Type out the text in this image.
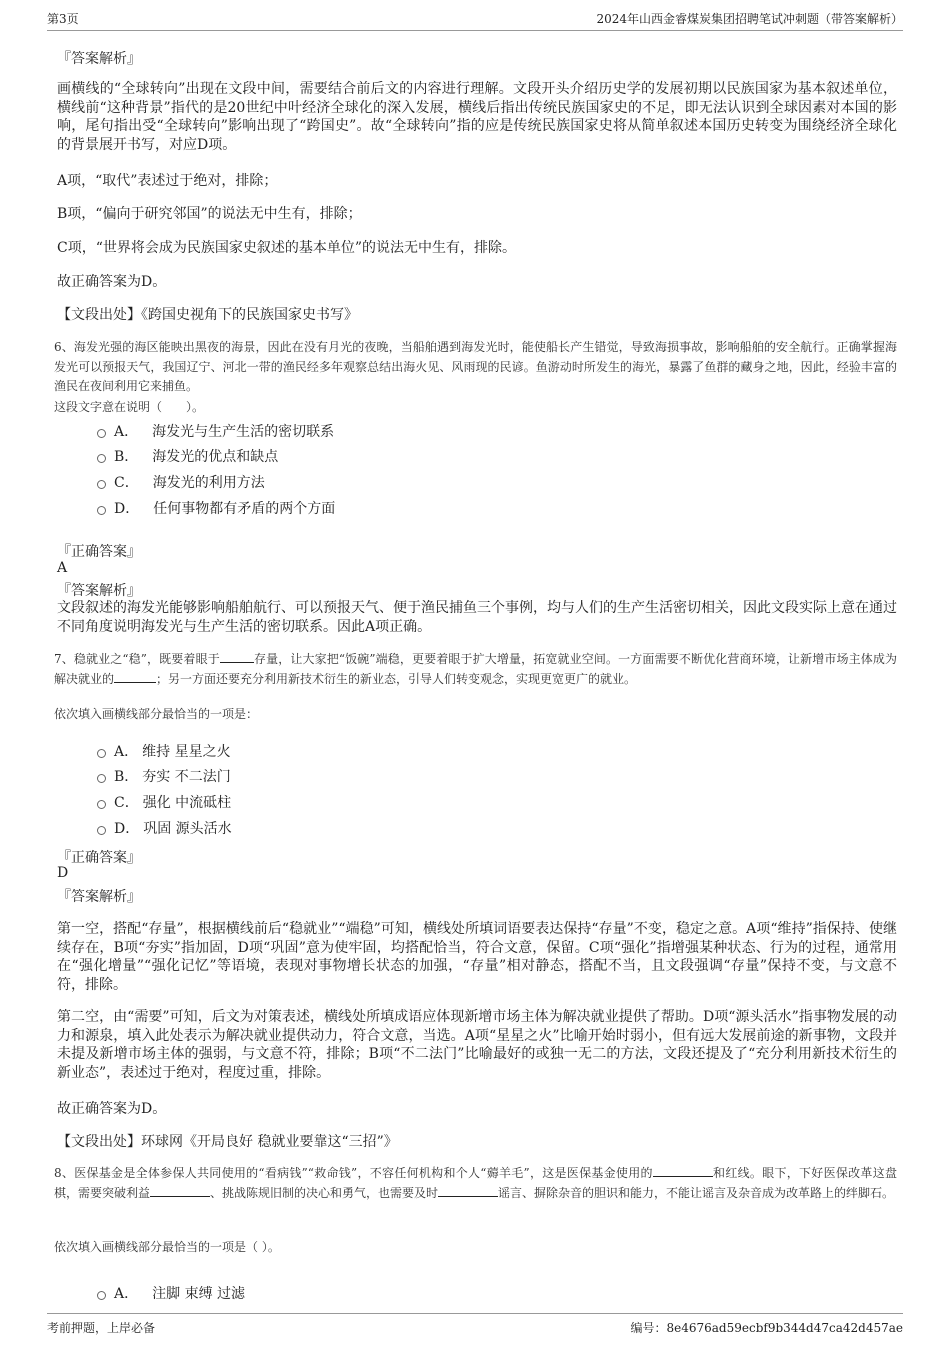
第3页	2024年山西金睿煤炭集团招聘笔试冲刺题（带答案解析）
『答案解析』
画横线的“全球转向”出现在文段中间，需要结合前后文的内容进行理解。文段开头介绍历史学的发展初期以民族国家为基本叙述单位，横线前“这种背景”指代的是20世纪中叶经济全球化的深入发展，横线后指出传统民族国家史的不足，即无法认识到全球因素对本国的影响，尾句指出受“全球转向”影响出现了“跨国史”。故“全球转向”指的应是传统民族国家史将从简单叙述本国历史转变为围绕经济全球化的背景展开书写，对应D项。
A项，“取代”表述过于绝对，排除；
B项，“偏向于研究邻国”的说法无中生有，排除；
C项，“世界将会成为民族国家史叙述的基本单位”的说法无中生有，排除。
故正确答案为D。
【文段出处】《跨国史视角下的民族国家史书写》
6、海发光强的海区能映出黑夜的海景，因此在没有月光的夜晚，当船舶遇到海发光时，能使船长产生错觉，导致海损事故，影响船舶的安全航行。正确掌握海发光可以预报天气，我国辽宁、河北一带的渔民经多年观察总结出海火见、风雨现的民谚。鱼游动时所发生的海光，暴露了鱼群的藏身之地，因此，经验丰富的渔民在夜间利用它来捕鱼。
这段文字意在说明（　　）。
A． 海发光与生产生活的密切联系
B． 海发光的优点和缺点
C． 海发光的利用方法
D． 任何事物都有矛盾的两个方面
『正确答案』
A
『答案解析』
文段叙述的海发光能够影响船舶航行、可以预报天气、便于渔民捕鱼三个事例，均与人们的生产生活密切相关，因此文段实际上意在通过不同角度说明海发光与生产生活的密切联系。因此A项正确。
7、稳就业之“稳”，既要着眼于	存量，让大家把“饭碗”端稳，更要着眼于扩大增量，拓宽就业空间。一方面需要不断优化营商环境，让新增市场主体成为解决就业的	；另一方面还要充分利用新技术衍生的新业态，引导人们转变观念，实现更宽更广的就业。
依次填入画横线部分最恰当的一项是：
A． 维持 星星之火
B． 夯实 不二法门
C． 强化 中流砥柱
D． 巩固 源头活水
『正确答案』
D
『答案解析』
第一空，搭配“存量”，根据横线前后“稳就业”“端稳”可知，横线处所填词语要表达保持“存量”不变，稳定之意。A项“维持”指保持、使继续存在，B项“夯实”指加固，D项“巩固”意为使牢固，均搭配恰当，符合文意，保留。C项“强化”指增强某种状态、行为的过程，通常用在“强化增量”“强化记忆”等语境，表现对事物增长状态的加强，“存量”相对静态，搭配不当，且文段强调“存量”保持不变，与文意不符，排除。
第二空，由“需要”可知，后文为对策表述，横线处所填成语应体现新增市场主体为解决就业提供了帮助。D项“源头活水”指事物发展的动力和源泉，填入此处表示为解决就业提供动力，符合文意，当选。A项“星星之火”比喻开始时弱小，但有远大发展前途的新事物，文段并未提及新增市场主体的强弱，与文意不符，排除；B项“不二法门”比喻最好的或独一无二的方法，文段还提及了“充分利用新技术衍生的新业态”，表述过于绝对，程度过重，排除。
故正确答案为D。
【文段出处】环球网《开局良好 稳就业要靠这“三招”》
8、医保基金是全体参保人共同使用的“看病钱”“救命钱”，不容任何机构和个人“薅羊毛”，这是医保基金使用的	和红线。眼下，下好医保改革这盘棋，需要突破利益	、挑战陈规旧制的决心和勇气，也需要及时	谣言、摒除杂音的胆识和能力，不能让谣言及杂音成为改革路上的绊脚石。
依次填入画横线部分最恰当的一项是（ ）。
A． 注脚 束缚 过滤
考前押题，上岸必备	编号：8e4676ad59ecbf9b344d47ca42d457ae
